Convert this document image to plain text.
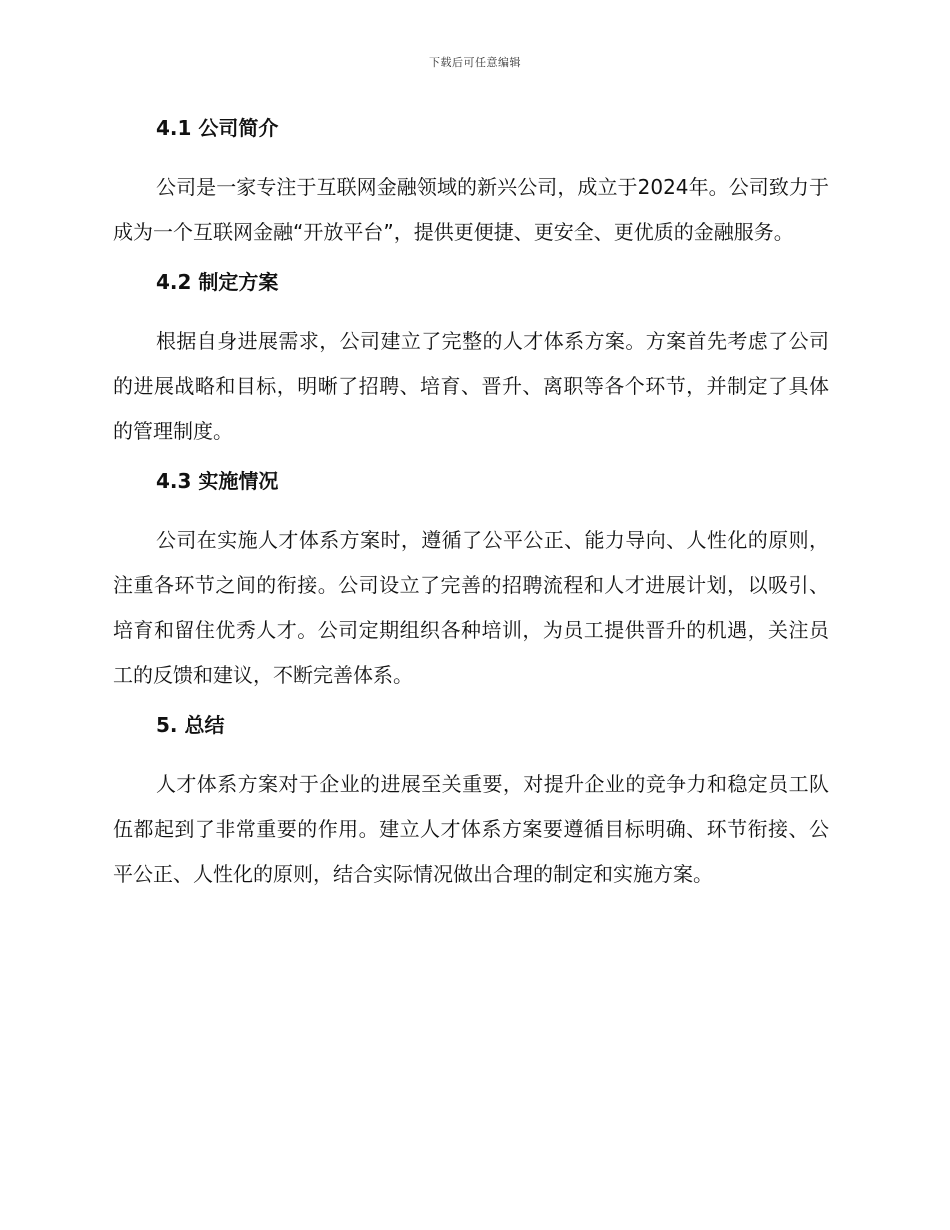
下载后可任意编辑
4.1 公司简介
公司是一家专注于互联网金融领域的新兴公司，成立于2024年。公司致力于成为一个互联网金融“开放平台”，提供更便捷、更安全、更优质的金融服务。
4.2 制定方案
根据自身进展需求，公司建立了完整的人才体系方案。方案首先考虑了公司的进展战略和目标，明晰了招聘、培育、晋升、离职等各个环节，并制定了具体的管理制度。
4.3 实施情况
公司在实施人才体系方案时，遵循了公平公正、能力导向、人性化的原则，注重各环节之间的衔接。公司设立了完善的招聘流程和人才进展计划，以吸引、培育和留住优秀人才。公司定期组织各种培训，为员工提供晋升的机遇，关注员工的反馈和建议，不断完善体系。
5. 总结
人才体系方案对于企业的进展至关重要，对提升企业的竞争力和稳定员工队伍都起到了非常重要的作用。建立人才体系方案要遵循目标明确、环节衔接、公平公正、人性化的原则，结合实际情况做出合理的制定和实施方案。
